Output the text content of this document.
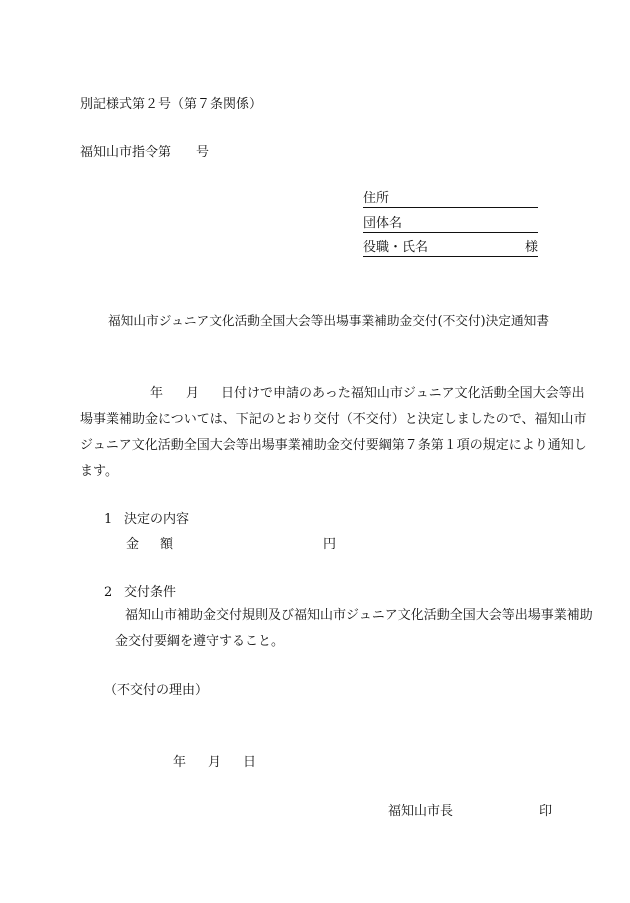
別記様式第２号（第７条関係）
福知山市指令第 号
住所
団体名
役職・氏名	様
福知山市ジュニア文化活動全国大会等出場事業補助金交付(不交付)決定通知書
年 月 日付けで申請のあった福知山市ジュニア文化活動全国大会等出
場事業補助金については、下記のとおり交付（不交付）と決定しましたので、福知山市
ジュニア文化活動全国大会等出場事業補助金交付要綱第７条第１項の規定により通知し
ます。
1 決定の内容
金 額	円
2 交付条件
福知山市補助金交付規則及び福知山市ジュニア文化活動全国大会等出場事業補助
金交付要綱を遵守すること。
（不交付の理由）
年 月 日
福知山市長	印
